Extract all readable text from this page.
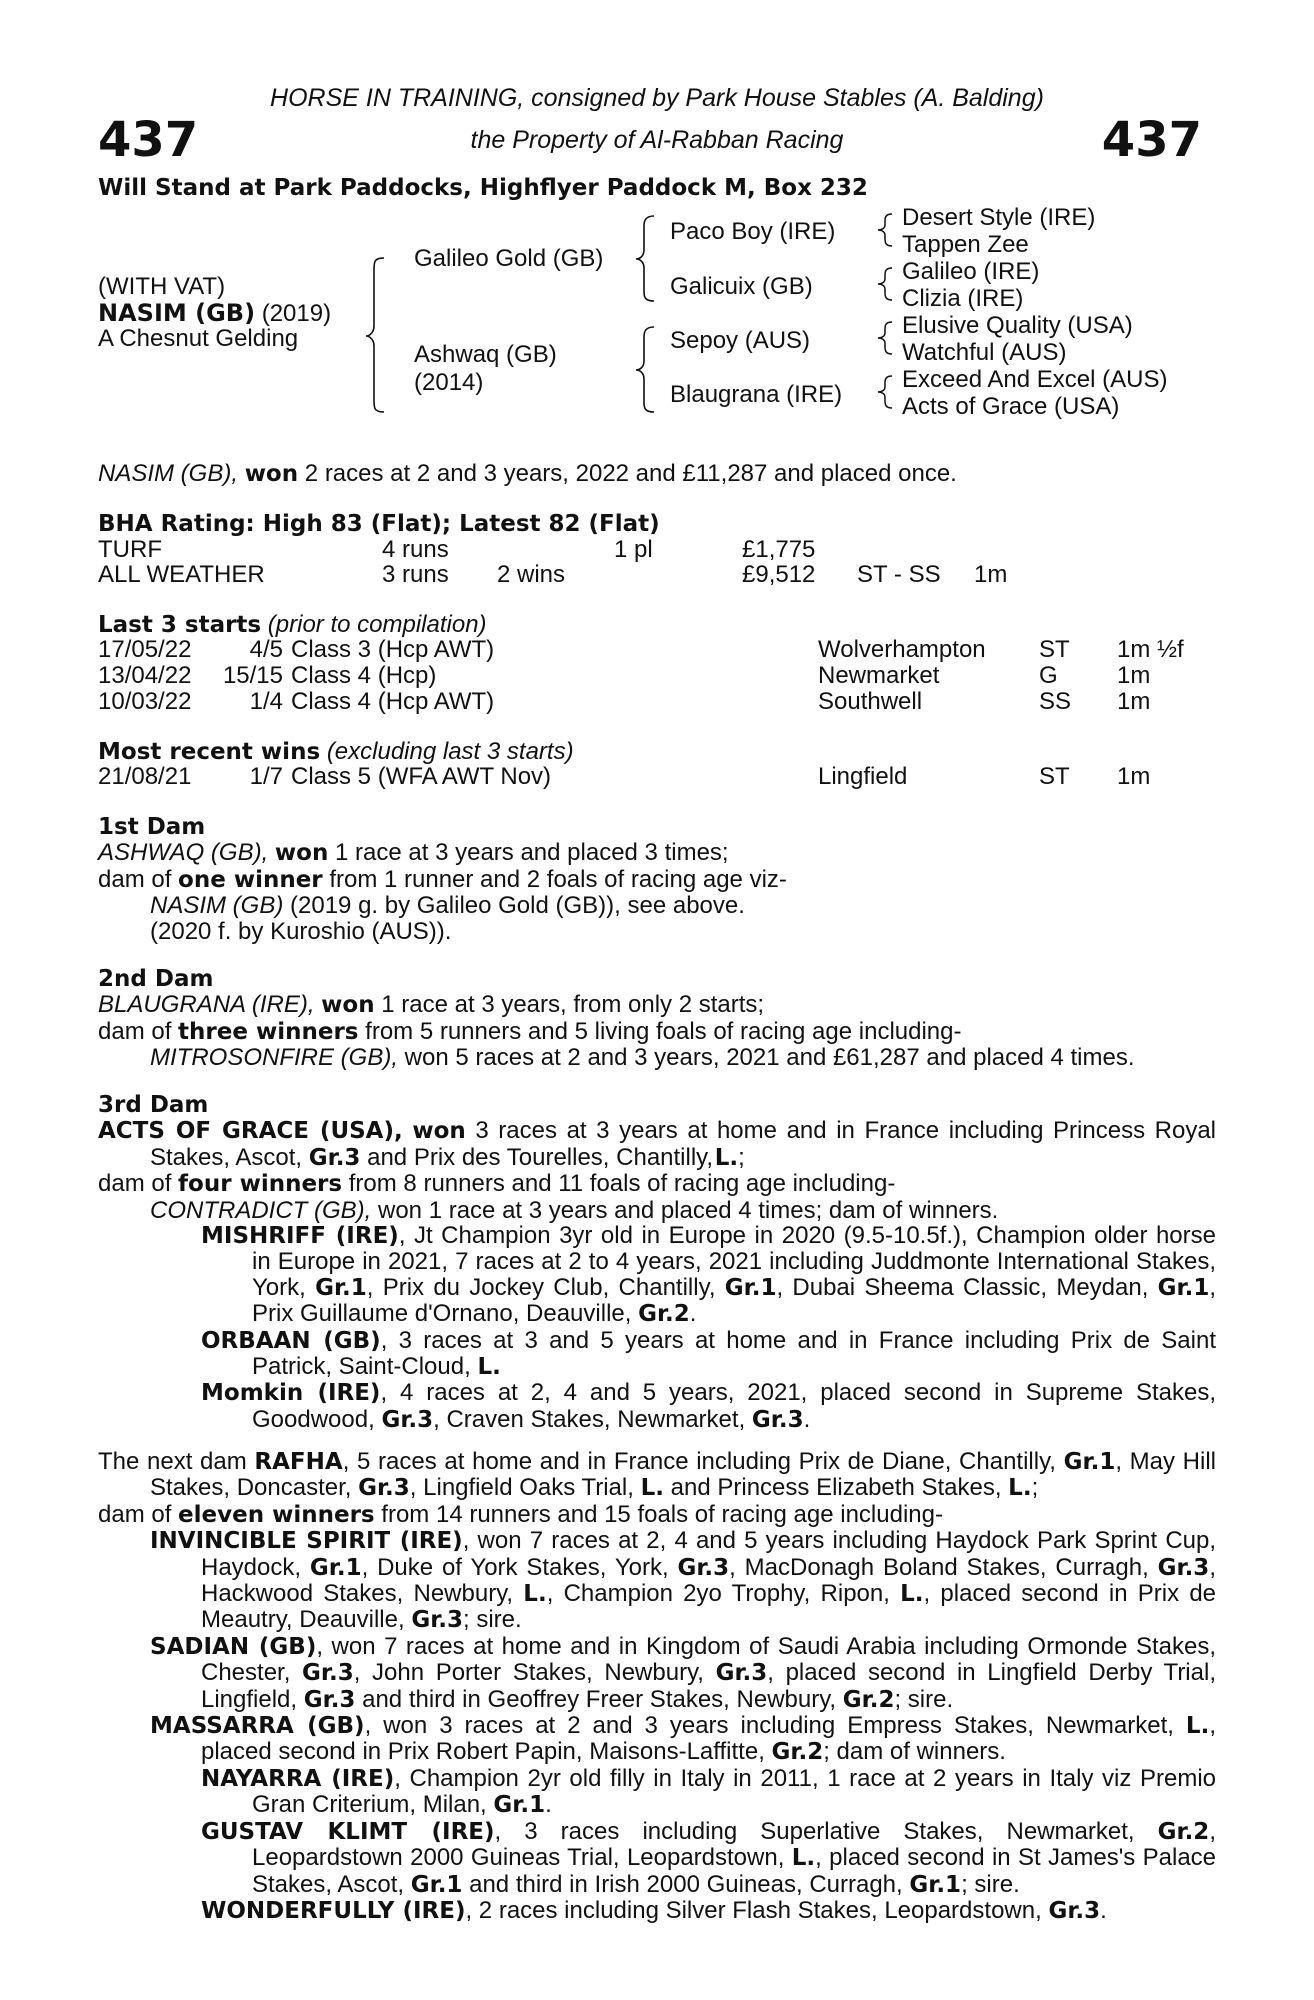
437	437
HORSE IN TRAINING, consigned by Park House Stables (A. Balding)
the Property of Al-Rabban Racing
Will Stand at Park Paddocks, Highflyer Paddock M, Box 232
(WITH VAT)
NASIM (GB) (2019)
A Chesnut Gelding
Galileo Gold (GB)
Ashwaq (GB)
(2014)
Paco Boy (IRE)
Galicuix (GB)
Sepoy (AUS)
Blaugrana (IRE)
Desert Style (IRE)
Tappen Zee
Galileo (IRE)
Clizia (IRE)
Elusive Quality (USA)
Watchful (AUS)
Exceed And Excel (AUS)
Acts of Grace (USA)
NASIM (GB), won 2 races at 2 and 3 years, 2022 and £11,287 and placed once.
BHA Rating: High 83 (Flat); Latest 82 (Flat)
TURF	4 runs	1 pl	£1,775
ALL WEATHER	3 runs 2 wins	£9,512 ST - SS 1m
Last 3 starts (prior to compilation)
17/05/22	4/5 Class 3 (Hcp AWT)	Wolverhampton ST 1m ½f
13/04/22	15/15 Class 4 (Hcp)	Newmarket	G 1m
10/03/22	1/4 Class 4 (Hcp AWT)	Southwell	SS 1m
Most recent wins (excluding last 3 starts)
21/08/21	1/7 Class 5 (WFA AWT Nov)	Lingfield	ST 1m

1st Dam

ASHWAQ (GB), won 1 race at 3 years and placed 3 times;

dam of one winner from 1 runner and 2 foals of racing age viz-

NASIM (GB) (2019 g. by Galileo Gold (GB)), see above.

(2020 f. by Kuroshio (AUS)).

2nd Dam

BLAUGRANA (IRE), won 1 race at 3 years, from only 2 starts;

dam of three winners from 5 runners and 5 living foals of racing age including-

MITROSONFIRE (GB), won 5 races at 2 and 3 years, 2021 and £61,287 and placed 4 times.

3rd Dam

ACTS OF GRACE (USA), won 3 races at 3 years at home and in France including Princess Royal Stakes, Ascot, Gr.3 and Prix des Tourelles, Chantilly, L.;

dam of four winners from 8 runners and 11 foals of racing age including-

CONTRADICT (GB), won 1 race at 3 years and placed 4 times; dam of winners.

MISHRIFF (IRE), Jt Champion 3yr old in Europe in 2020 (9.5-10.5f.), Champion older horse in Europe in 2021, 7 races at 2 to 4 years, 2021 including Juddmonte International Stakes, York, Gr.1, Prix du Jockey Club, Chantilly, Gr.1, Dubai Sheema Classic, Meydan, Gr.1, Prix Guillaume d'Ornano, Deauville, Gr.2.

ORBAAN (GB), 3 races at 3 and 5 years at home and in France including Prix de Saint Patrick, Saint-Cloud, L.

Momkin (IRE), 4 races at 2, 4 and 5 years, 2021, placed second in Supreme Stakes, Goodwood, Gr.3, Craven Stakes, Newmarket, Gr.3.

The next dam RAFHA, 5 races at home and in France including Prix de Diane, Chantilly, Gr.1, May Hill Stakes, Doncaster, Gr.3, Lingfield Oaks Trial, L. and Princess Elizabeth Stakes, L.;

dam of eleven winners from 14 runners and 15 foals of racing age including-

INVINCIBLE SPIRIT (IRE), won 7 races at 2, 4 and 5 years including Haydock Park Sprint Cup, Haydock, Gr.1, Duke of York Stakes, York, Gr.3, MacDonagh Boland Stakes, Curragh, Gr.3, Hackwood Stakes, Newbury, L., Champion 2yo Trophy, Ripon, L., placed second in Prix de Meautry, Deauville, Gr.3; sire.

SADIAN (GB), won 7 races at home and in Kingdom of Saudi Arabia including Ormonde Stakes, Chester, Gr.3, John Porter Stakes, Newbury, Gr.3, placed second in Lingfield Derby Trial, Lingfield, Gr.3 and third in Geoffrey Freer Stakes, Newbury, Gr.2; sire.

MASSARRA (GB), won 3 races at 2 and 3 years including Empress Stakes, Newmarket, L., placed second in Prix Robert Papin, Maisons-Laffitte, Gr.2; dam of winners.

NAYARRA (IRE), Champion 2yr old filly in Italy in 2011, 1 race at 2 years in Italy viz Premio Gran Criterium, Milan, Gr.1.

GUSTAV KLIMT (IRE), 3 races including Superlative Stakes, Newmarket, Gr.2, Leopardstown 2000 Guineas Trial, Leopardstown, L., placed second in St James's Palace Stakes, Ascot, Gr.1 and third in Irish 2000 Guineas, Curragh, Gr.1; sire.

WONDERFULLY (IRE), 2 races including Silver Flash Stakes, Leopardstown, Gr.3.
